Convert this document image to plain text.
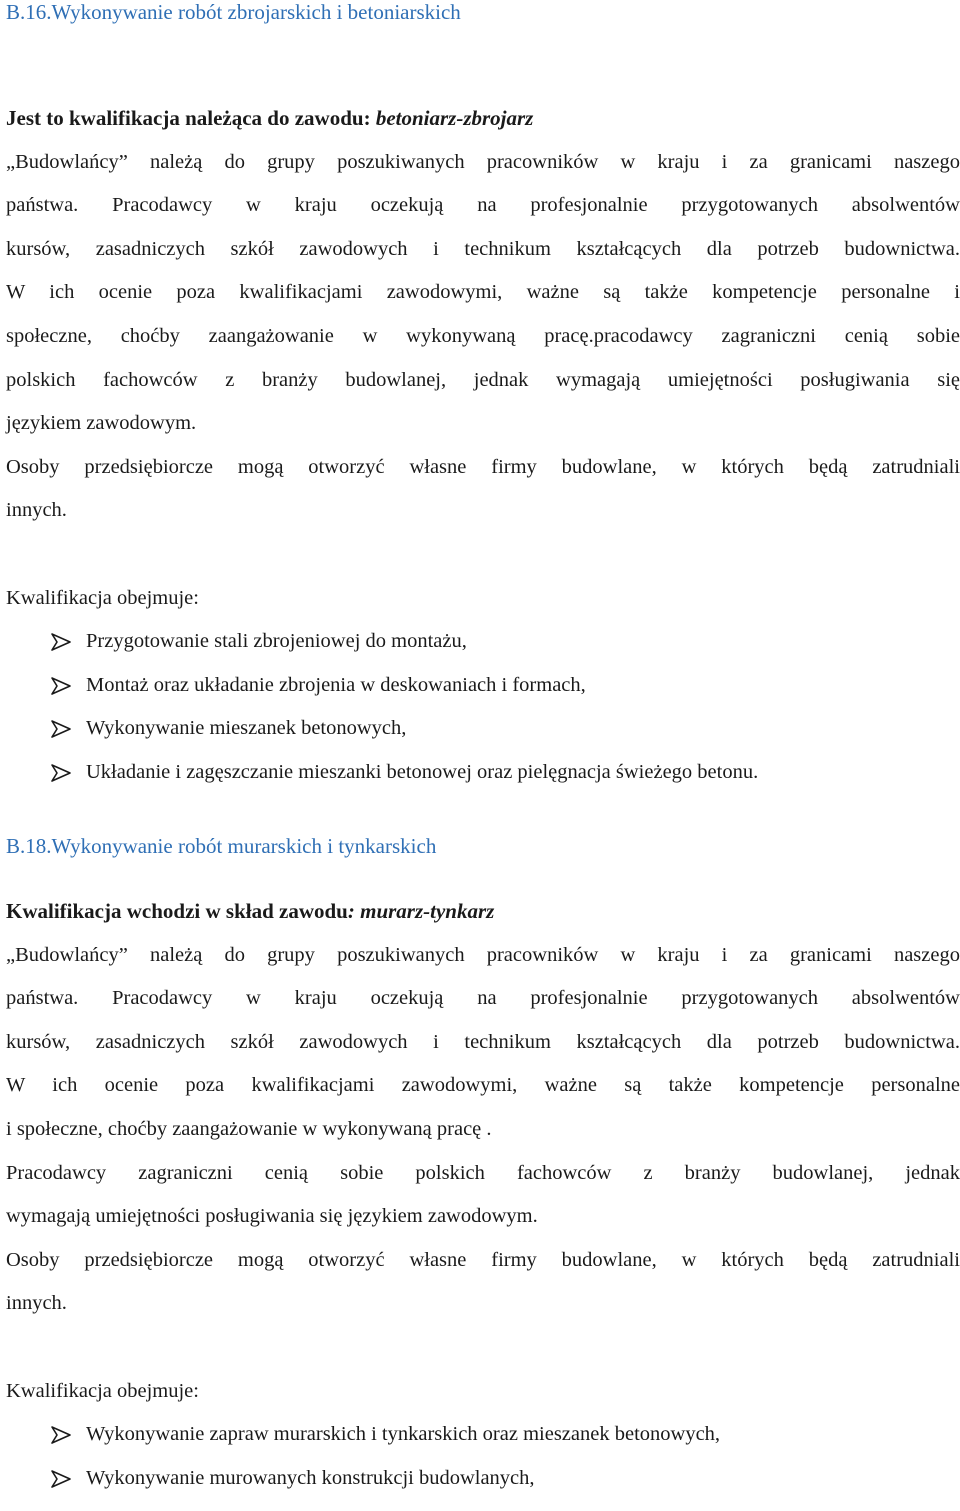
B.16.Wykonywanie robót zbrojarskich i betoniarskich
Jest to kwalifikacja należąca do zawodu: betoniarz-zbrojarz
„Budowlańcy” należą do grupy poszukiwanych pracowników w kraju i za granicami naszego
państwa. Pracodawcy w kraju oczekują na profesjonalnie przygotowanych absolwentów
kursów, zasadniczych szkół zawodowych i technikum kształcących dla potrzeb budownictwa.
W ich ocenie poza kwalifikacjami zawodowymi, ważne są także kompetencje personalne i
społeczne, choćby zaangażowanie w wykonywaną pracę.pracodawcy zagraniczni cenią sobie
polskich fachowców z branży budowlanej, jednak wymagają umiejętności posługiwania się
językiem zawodowym.
Osoby przedsiębiorcze mogą otworzyć własne firmy budowlane, w których będą zatrudniali
innych.
Kwalifikacja obejmuje:
Przygotowanie stali zbrojeniowej do montażu,
Montaż oraz układanie zbrojenia w deskowaniach i formach,
Wykonywanie mieszanek betonowych,
Układanie i zagęszczanie mieszanki betonowej oraz pielęgnacja świeżego betonu.
B.18.Wykonywanie robót murarskich i tynkarskich
Kwalifikacja wchodzi w skład zawodu: murarz-tynkarz
„Budowlańcy” należą do grupy poszukiwanych pracowników w kraju i za granicami naszego
państwa. Pracodawcy w kraju oczekują na profesjonalnie przygotowanych absolwentów
kursów, zasadniczych szkół zawodowych i technikum kształcących dla potrzeb budownictwa.
W ich ocenie poza kwalifikacjami zawodowymi, ważne są także kompetencje personalne
i społeczne, choćby zaangażowanie w wykonywaną pracę .
Pracodawcy zagraniczni cenią sobie polskich fachowców z branży budowlanej, jednak
wymagają umiejętności posługiwania się językiem zawodowym.
Osoby przedsiębiorcze mogą otworzyć własne firmy budowlane, w których będą zatrudniali
innych.
Kwalifikacja obejmuje:
Wykonywanie zapraw murarskich i tynkarskich oraz mieszanek betonowych,
Wykonywanie murowanych konstrukcji budowlanych,
